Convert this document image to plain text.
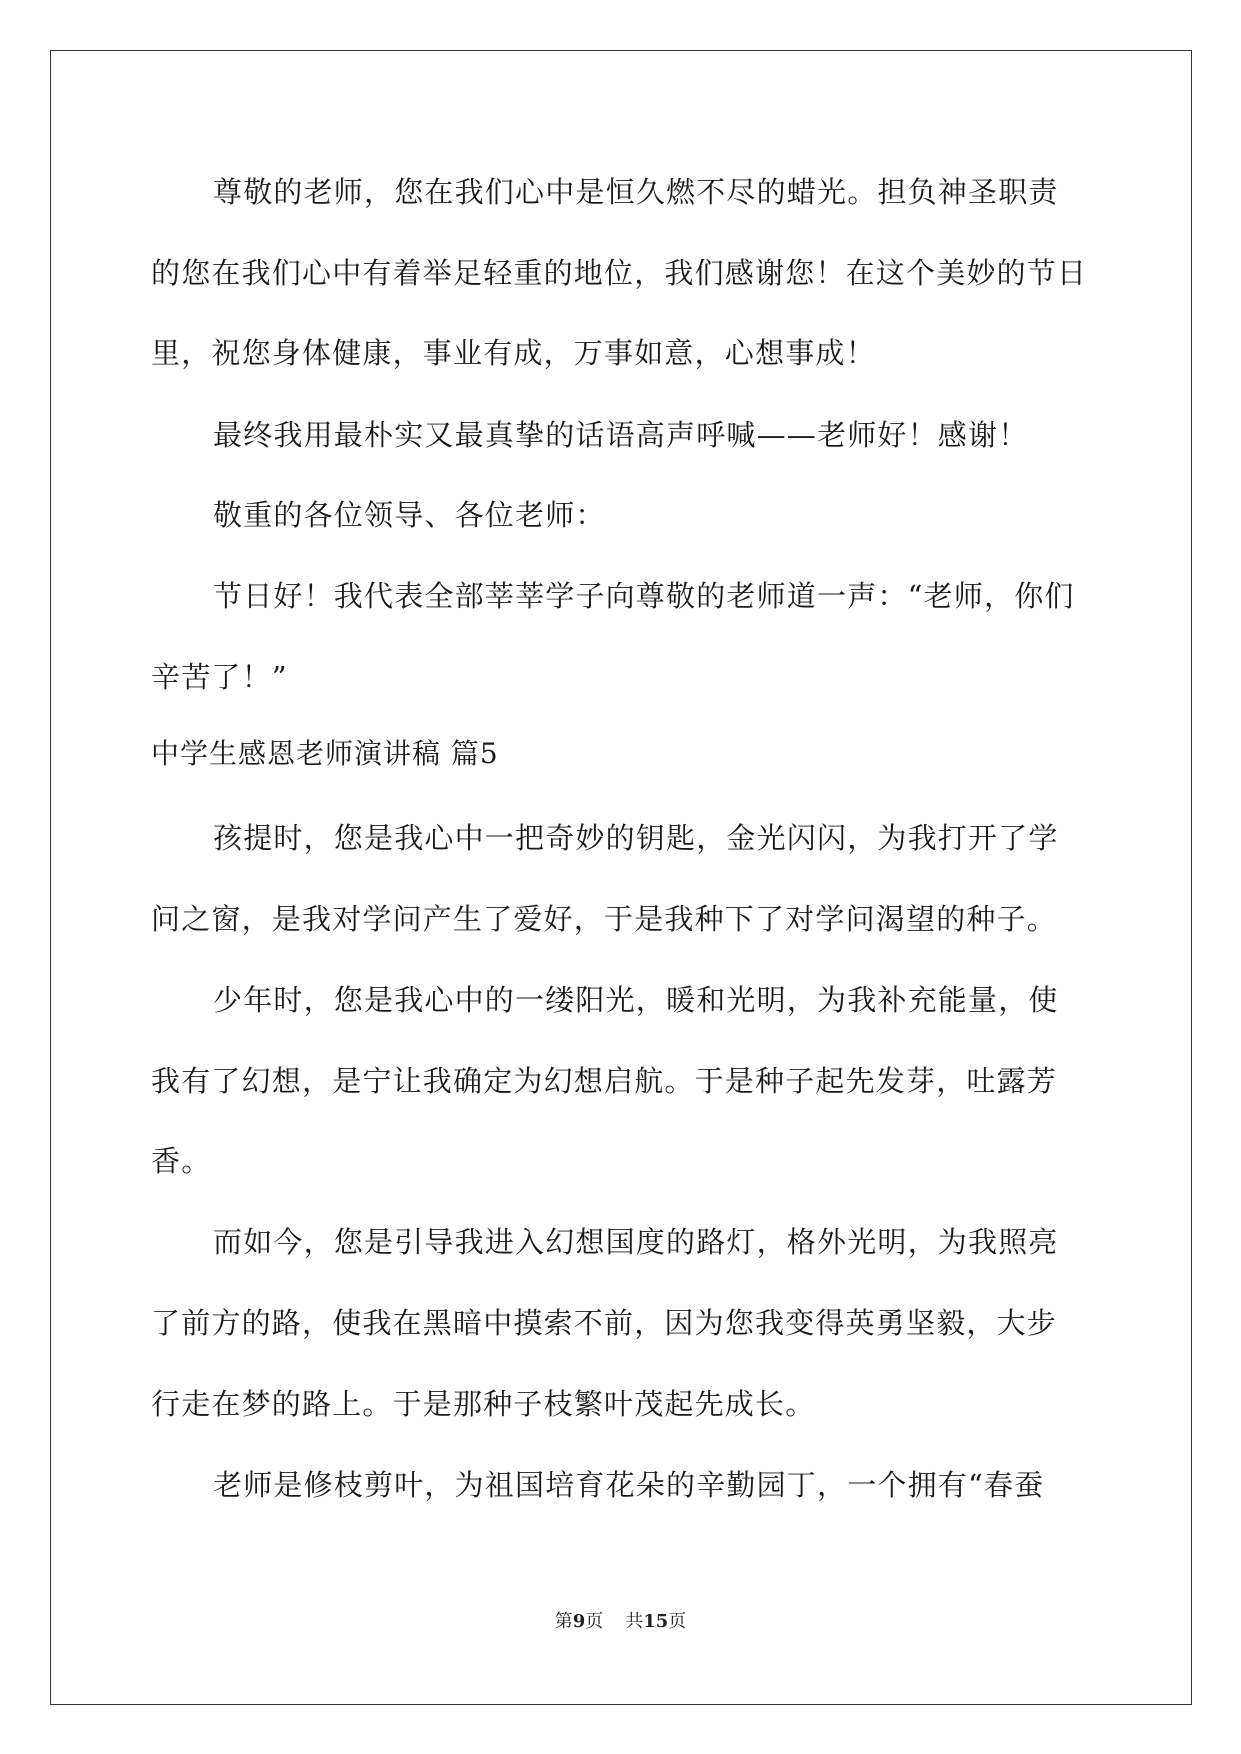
尊敬的老师，您在我们心中是恒久燃不尽的蜡光。担负神圣职责
的您在我们心中有着举足轻重的地位，我们感谢您！在这个美妙的节日
里，祝您身体健康，事业有成，万事如意，心想事成！
最终我用最朴实又最真挚的话语高声呼喊——老师好！感谢！
敬重的各位领导、各位老师：
节日好！我代表全部莘莘学子向尊敬的老师道一声：“老师，你们
辛苦了！”
中学生感恩老师演讲稿 篇5
孩提时，您是我心中一把奇妙的钥匙，金光闪闪，为我打开了学
问之窗，是我对学问产生了爱好，于是我种下了对学问渴望的种子。
少年时，您是我心中的一缕阳光，暖和光明，为我补充能量，使
我有了幻想，是宁让我确定为幻想启航。于是种子起先发芽，吐露芳
香。
而如今，您是引导我进入幻想国度的路灯，格外光明，为我照亮
了前方的路，使我在黑暗中摸索不前，因为您我变得英勇坚毅，大步
行走在梦的路上。于是那种子枝繁叶茂起先成长。
老师是修枝剪叶，为祖国培育花朵的辛勤园丁，一个拥有“春蚕
第9页 共15页
